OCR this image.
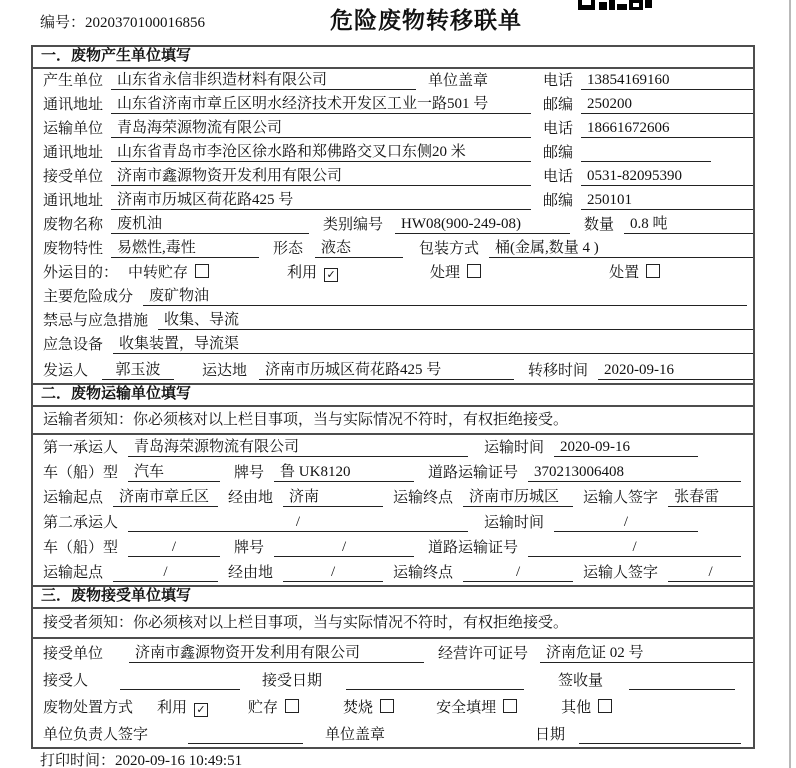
编号：2020370100016856	危险废物转移联单
一．废物产生单位填写
产生单位 山东省永信非织造材料有限公司	单位盖章	电话 13854169160
通讯地址 山东省济南市章丘区明水经济技术开发区工业一路501 号	邮编 250200
运输单位 青岛海荣源物流有限公司	电话 18661672606
通讯地址 山东省青岛市李沧区徐水路和郑佛路交叉口东侧20 米	邮编
接受单位 济南市鑫源物资开发利用有限公司	电话 0531-82095390
通讯地址 济南市历城区荷花路425 号	邮编 250101
废物名称 废机油	类别编号	HW08(900-249-08)	数量	0.8 吨
废物特性 易燃性,毒性	形态	液态	包装方式	桶(金属,数量 4 )
外运目的： 中转贮存	利用 ✓	处理	处置
主要危险成分	废矿物油
禁忌与应急措施	收集、导流
应急设备	收集装置，导流渠
发运人	郭玉波	运达地	济南市历城区荷花路425 号	转移时间	2020-09-16
二．废物运输单位填写
运输者须知：你必须核对以上栏目事项，当与实际情况不符时，有权拒绝接受。
第一承运人	青岛海荣源物流有限公司	运输时间	2020-09-16
车（船）型	汽车	牌号	鲁 UK8120	道路运输证号	370213006408
运输起点	济南市章丘区	经由地	济南	运输终点	济南市历城区	运输人签字	张春雷
第二承运人	/	运输时间	/
车（船）型	/	牌号	/	道路运输证号	/
运输起点	/	经由地	/	运输终点	/	运输人签字	/
三．废物接受单位填写
接受者须知：你必须核对以上栏目事项，当与实际情况不符时，有权拒绝接受。
接受单位	济南市鑫源物资开发利用有限公司	经营许可证号	济南危证 02 号
接受人	接受日期	签收量
废物处置方式 利用 ✓	贮存	焚烧	安全填埋	其他
单位负责人签字	单位盖章	日期
打印时间：2020-09-16 10:49:51
